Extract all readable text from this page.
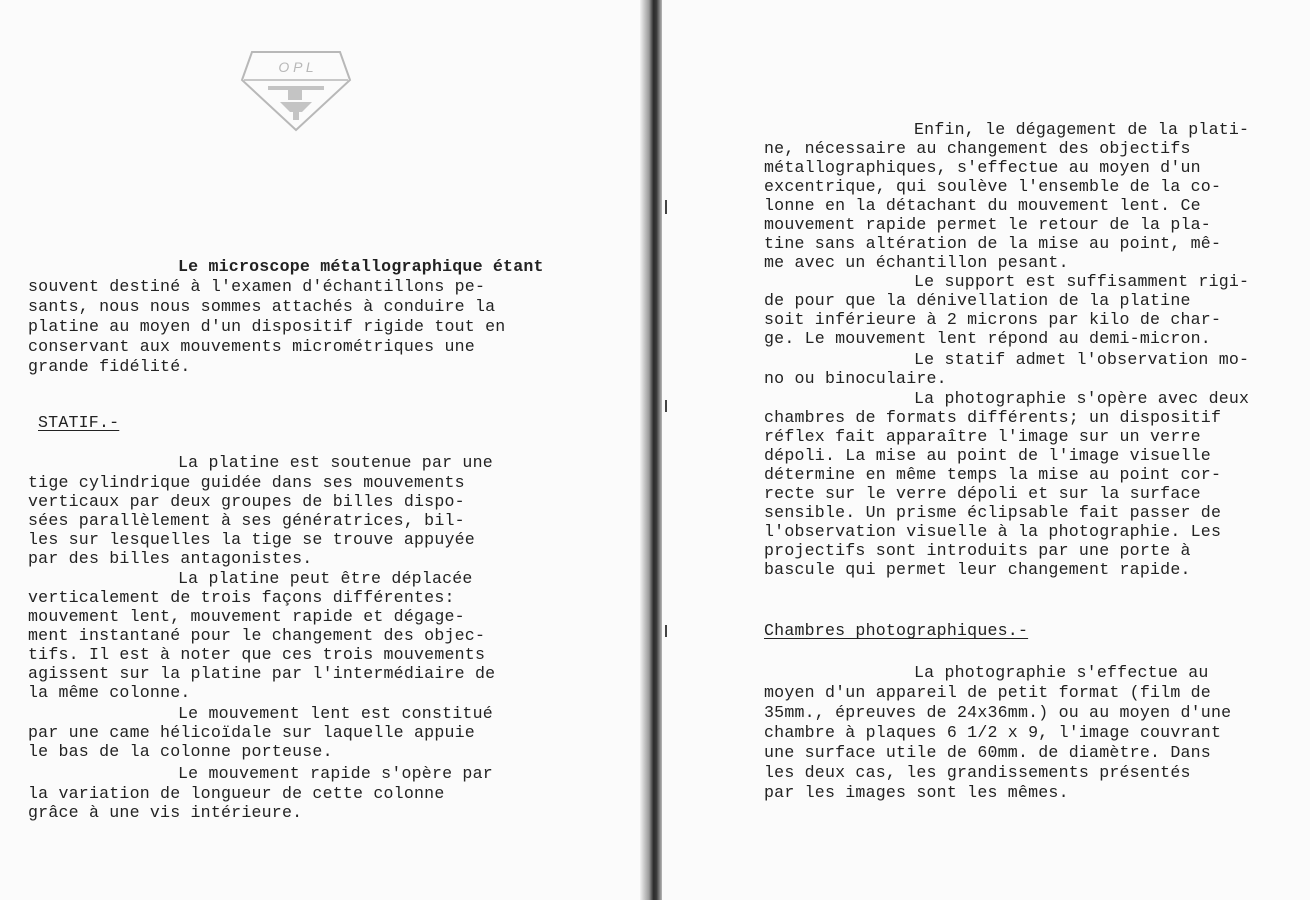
O P L
Le microscope métallographique étant
souvent destiné à l'examen d'échantillons pe-
sants, nous nous sommes attachés à conduire la
platine au moyen d'un dispositif rigide tout en
conservant aux mouvements micrométriques une
grande fidélité.
STATIF.-
La platine est soutenue par une
tige cylindrique guidée dans ses mouvements
verticaux par deux groupes de billes dispo-
sées parallèlement à ses génératrices, bil-
les sur lesquelles la tige se trouve appuyée
par des billes antagonistes.
La platine peut être déplacée
verticalement de trois façons différentes:
mouvement lent, mouvement rapide et dégage-
ment instantané pour le changement des objec-
tifs. Il est à noter que ces trois mouvements
agissent sur la platine par l'intermédiaire de
la même colonne.
Le mouvement lent est constitué
par une came hélicoïdale sur laquelle appuie
le bas de la colonne porteuse.
Le mouvement rapide s'opère par
la variation de longueur de cette colonne
grâce à une vis intérieure.
Enfin, le dégagement de la plati-
ne, nécessaire au changement des objectifs
métallographiques, s'effectue au moyen d'un
excentrique, qui soulève l'ensemble de la co-
lonne en la détachant du mouvement lent. Ce
mouvement rapide permet le retour de la pla-
tine sans altération de la mise au point, mê-
me avec un échantillon pesant.
Le support est suffisamment rigi-
de pour que la dénivellation de la platine
soit inférieure à 2 microns par kilo de char-
ge. Le mouvement lent répond au demi-micron.
Le statif admet l'observation mo-
no ou binoculaire.
La photographie s'opère avec deux
chambres de formats différents; un dispositif
réflex fait apparaître l'image sur un verre
dépoli. La mise au point de l'image visuelle
détermine en même temps la mise au point cor-
recte sur le verre dépoli et sur la surface
sensible. Un prisme éclipsable fait passer de
l'observation visuelle à la photographie. Les
projectifs sont introduits par une porte à
bascule qui permet leur changement rapide.
Chambres photographiques.-
La photographie s'effectue au
moyen d'un appareil de petit format (film de
35mm., épreuves de 24x36mm.) ou au moyen d'une
chambre à plaques 6 1/2 x 9, l'image couvrant
une surface utile de 60mm. de diamètre. Dans
les deux cas, les grandissements présentés
par les images sont les mêmes.
